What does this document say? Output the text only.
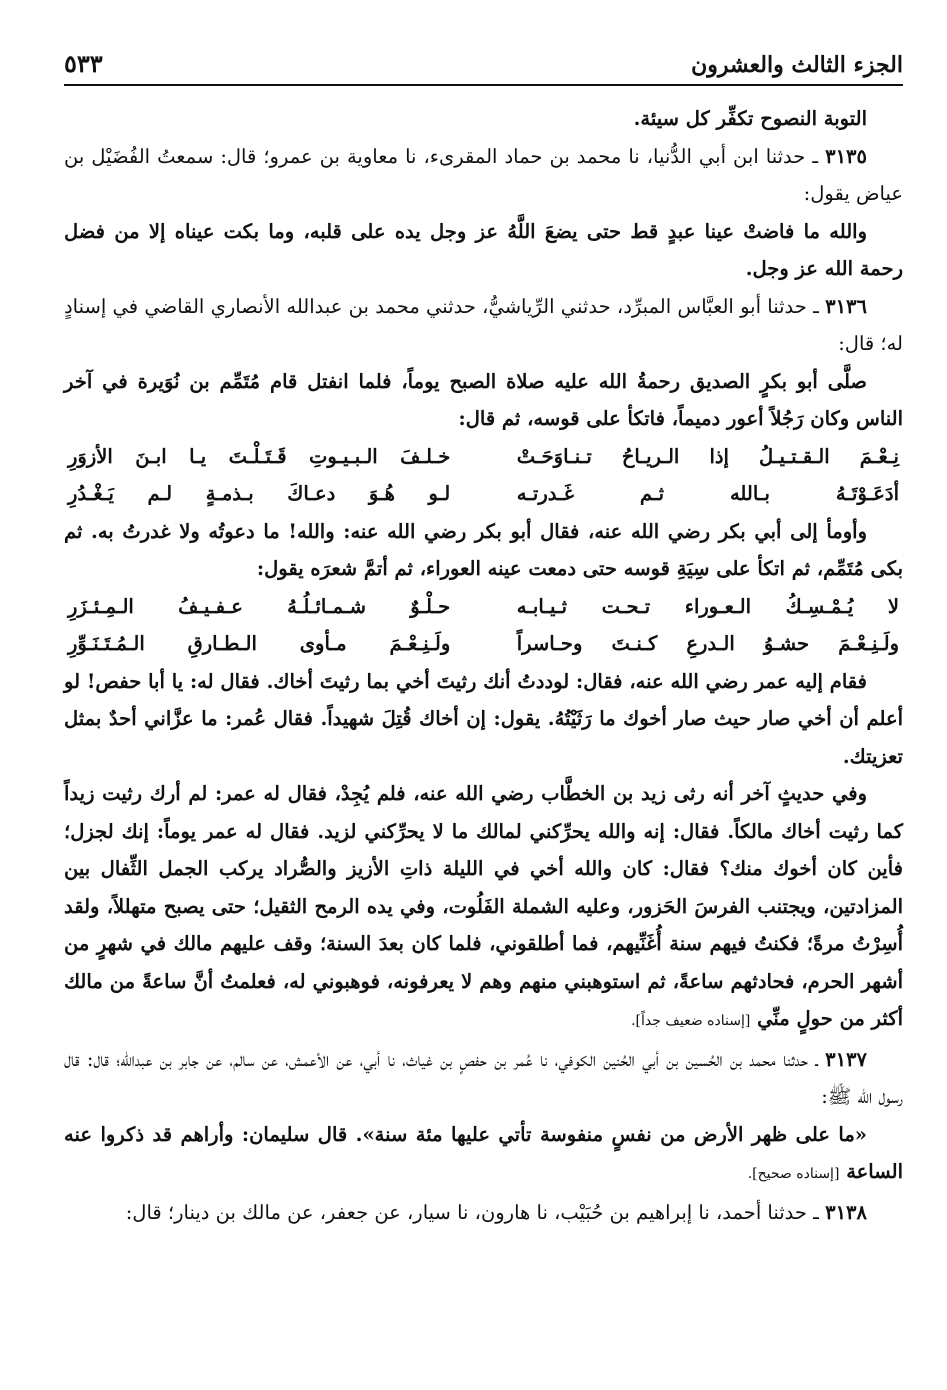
الجزء الثالث والعشرون
٥٣٣

التوبة النصوح تكفِّر كل سيئة.

٣١٣٥ ـ حدثنا ابن أبي الدُّنيا، نا محمد بن حماد المقرىء، نا معاوية بن عمرو؛ قال: سمعتُ الفُضَيْل بن عياض يقول:

والله ما فاضتْ عينا عبدٍ قط حتى يضعَ اللَّهُ عز وجل يده على قلبه، وما بكت عيناه إلا من فضل رحمة الله عز وجل.

٣١٣٦ ـ حدثنا أبو العبَّاس المبرِّد، حدثني الرِّياشيُّ، حدثني محمد بن عبدالله الأنصاري القاضي في إسنادٍ له؛ قال:

صلَّى أبو بكرٍ الصديق رحمةُ الله عليه صلاة الصبح يوماً، فلما انفتل قام مُتَمِّم بن نُوَيرة في آخر الناس وكان رَجُلاً أعور دميماً، فاتكأ على قوسه، ثم قال:

نِـعْـمَ الـقـتـيـلُ إذا الـريـاحُ تـنـاوَحَـتْ
خـلـفَ الـبـيـوتِ قَـتَـلْـتَ يـا ابـنَ الأزوَرِ
أدَعَـوْتَـهُ بـالله ثـم غَـدرتـه
لـو هُـوَ دعـاكَ بـذمـةٍ لـم يَـغْـدُرِ

وأومأ إلى أبي بكر رضي الله عنه، فقال أبو بكر رضي الله عنه: والله! ما دعوتُه ولا غدرتُ به. ثم بكى مُتَمِّم، ثم اتكأ على سِيَةِ قوسه حتى دمعت عينه العوراء، ثم أتمَّ شعرَه يقول:

لا يُـمْـسِـكُ الـعـوراء تـحـت ثـيـابـه
حـلْـوٌ شـمـائـلُـهُ عـفـيـفُ الـمِـئـزَرِ
ولَـنِـعْـمَ حشـوُ الـدرعِ كـنـتَ وحـاسراً
ولَـنِـعْـمَ مـأوى الـطـارقِ الـمُـتَـنَـوِّرِ

فقام إليه عمر رضي الله عنه، فقال: لوددتُ أنك رثيتَ أخي بما رثيتَ أخاك. فقال له: يا أبا حفص! لو أعلم أن أخي صار حيث صار أخوك ما رَثَيْتُهُ. يقول: إن أخاك قُتِلَ شهيداً. فقال عُمر: ما عزَّاني أحدٌ بمثل تعزيتك.

وفي حديثٍ آخر أنه رثى زيد بن الخطَّاب رضي الله عنه، فلم يُجِدْ، فقال له عمر: لم أرك رثيت زيداً كما رثيت أخاك مالكاً. فقال: إنه والله يحرِّكني لمالك ما لا يحرِّكني لزيد. فقال له عمر يوماً: إنك لجزل؛ فأين كان أخوك منك؟ فقال: كان والله أخي في الليلة ذاتِ الأزيز والصُّراد يركب الجمل الثِّفال بين المزادتين، ويجتنب الفرسَ الحَزور، وعليه الشملة الفَلُوت، وفي يده الرمح الثقيل؛ حتى يصبح متهللاً، ولقد أُسِرْتُ مرةً؛ فكنتُ فيهم سنة أُغَنِّيهم، فما أطلقوني، فلما كان بعدَ السنة؛ وقف عليهم مالك في شهرٍ من أشهر الحرم، فحادثهم ساعةً، ثم استوهبني منهم وهم لا يعرفونه، فوهبوني له، فعلمتُ أنَّ ساعةً من مالك أكثر من حولٍ منِّي [إسناده ضعيف جداً].

٣١٣٧ ـ حدثنا محمد بن الحُسين بن أبي الحُنين الكوفي، نا عُمر بن حفصٍ بن غياث، نا أبي، عن الأعمش، عن سالم، عن جابر بن عبدالله؛ قال: قال رسول الله ﷺ:

«ما على ظهر الأرض من نفسٍ منفوسة تأتي عليها مئة سنة». قال سليمان: وأراهم قد ذكروا عنه الساعة [إسناده صحيح].

٣١٣٨ ـ حدثنا أحمد، نا إبراهيم بن حُبَيْب، نا هارون، نا سيار، عن جعفر، عن مالك بن دينار؛ قال:
